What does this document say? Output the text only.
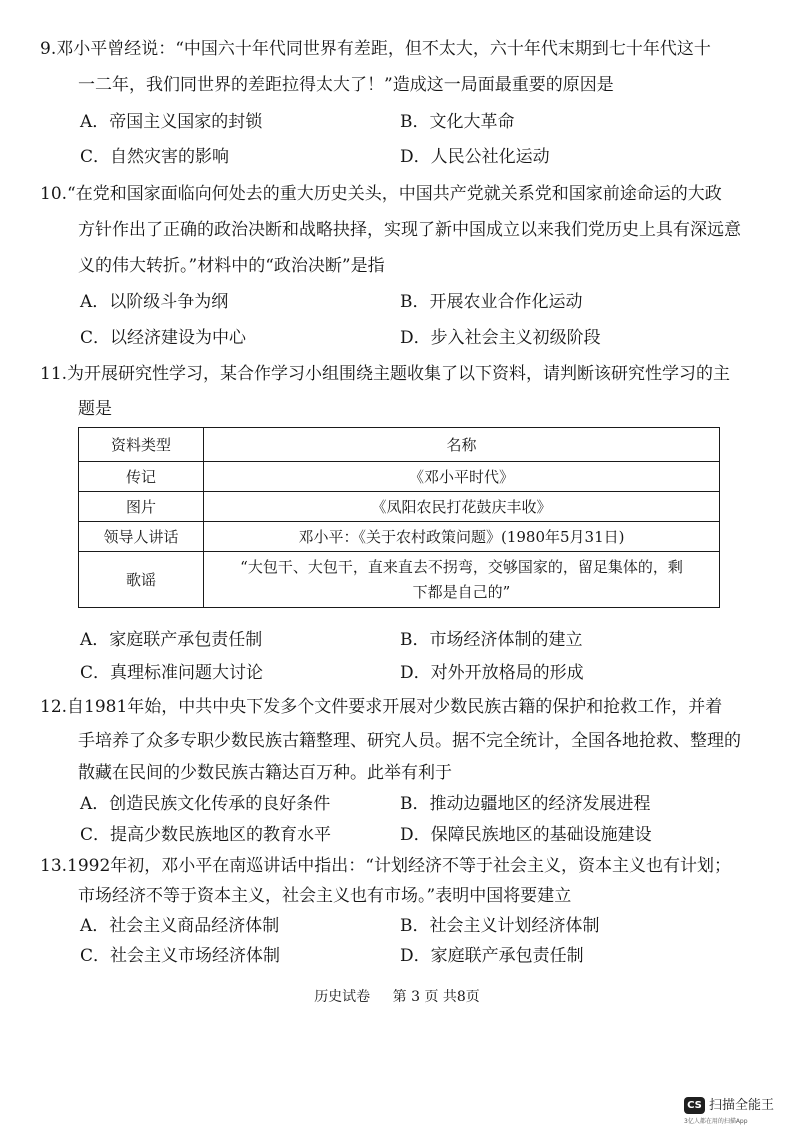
9.邓小平曾经说：“中国六十年代同世界有差距，但不太大，六十年代末期到七十年代这十
一二年，我们同世界的差距拉得太大了！”造成这一局面最重要的原因是
A．帝国主义国家的封锁	B．文化大革命
C．自然灾害的影响	D．人民公社化运动
10.“在党和国家面临向何处去的重大历史关头，中国共产党就关系党和国家前途命运的大政
方针作出了正确的政治决断和战略抉择，实现了新中国成立以来我们党历史上具有深远意
义的伟大转折。”材料中的“政治决断”是指
A．以阶级斗争为纲	B．开展农业合作化运动
C．以经济建设为中心	D．步入社会主义初级阶段
11.为开展研究性学习，某合作学习小组围绕主题收集了以下资料，请判断该研究性学习的主
题是
资料类型	名称
传记	《邓小平时代》
图片	《凤阳农民打花鼓庆丰收》
领导人讲话	邓小平：《关于农村政策问题》(1980年5月31日)
歌谣	“大包干、大包干，直来直去不拐弯，交够国家的，留足集体的，剩
下都是自己的”
A．家庭联产承包责任制	B．市场经济体制的建立
C．真理标准问题大讨论	D．对外开放格局的形成
12.自1981年始，中共中央下发多个文件要求开展对少数民族古籍的保护和抢救工作，并着
手培养了众多专职少数民族古籍整理、研究人员。据不完全统计，全国各地抢救、整理的
散藏在民间的少数民族古籍达百万种。此举有利于
A．创造民族文化传承的良好条件	B．推动边疆地区的经济发展进程
C．提高少数民族地区的教育水平	D．保障民族地区的基础设施建设
13.1992年初，邓小平在南巡讲话中指出：“计划经济不等于社会主义，资本主义也有计划；
市场经济不等于资本主义，社会主义也有市场。”表明中国将要建立
A．社会主义商品经济体制	B．社会主义计划经济体制
C．社会主义市场经济体制	D．家庭联产承包责任制
历史试卷 第 3 页 共8页
CS 扫描全能王
3亿人都在用的扫描App
